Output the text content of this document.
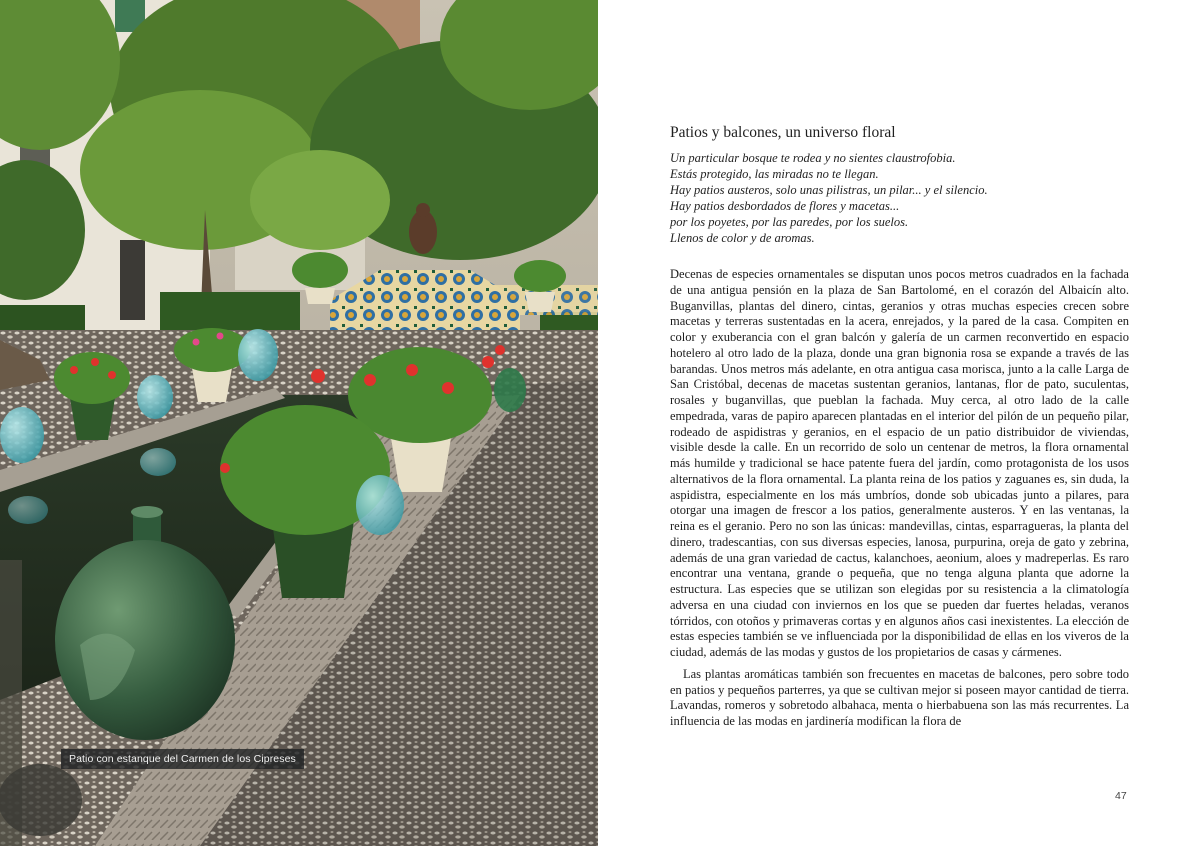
Patio con estanque del Carmen de los Cipreses
Patios y balcones, un universo floral
Un particular bosque te rodea y no sientes claustrofobia.
Estás protegido, las miradas no te llegan.
Hay patios austeros, solo unas pilistras, un pilar... y el silencio.
Hay patios desbordados de flores y macetas...
por los poyetes, por las paredes, por los suelos.
Llenos de color y de aromas.

Decenas de especies ornamentales se disputan unos pocos metros cuadrados en la fachada de una antigua pensión en la plaza de San Bartolomé, en el corazón del Albaicín alto. Buganvillas, plantas del dinero, cintas, geranios y otras muchas especies crecen sobre macetas y terreras sustentadas en la acera, enrejados, y la pared de la casa. Compiten en color y exuberancia con el gran balcón y galería de un carmen reconvertido en espacio hotelero al otro lado de la plaza, donde una gran bignonia rosa se expande a través de las barandas. Unos metros más adelante, en otra antigua casa morisca, junto a la calle Larga de San Cristóbal, decenas de macetas sustentan geranios, lantanas, flor de pato, suculentas, rosales y buganvillas, que pueblan la fachada. Muy cerca, al otro lado de la calle empedrada, varas de papiro aparecen plantadas en el interior del pilón de un pequeño pilar, rodeado de aspidistras y geranios, en el espacio de un patio distribuidor de viviendas, visible desde la calle. En un recorrido de solo un centenar de metros, la flora ornamental más humilde y tradicional se hace patente fuera del jardín, como protagonista de los usos alternativos de la flora ornamental. La planta reina de los patios y zaguanes es, sin duda, la aspidistra, especialmente en los más umbríos, donde sob ubicadas junto a pilares, para otorgar una imagen de frescor a los patios, generalmente austeros. Y en las ventanas, la reina es el geranio. Pero no son las únicas: mandevillas, cintas, esparragueras, la planta del dinero, tradescantias, con sus diversas especies, lanosa, purpurina, oreja de gato y zebrina, además de una gran variedad de cactus, kalanchoes, aeonium, aloes y madreperlas. Es raro encontrar una ventana, grande o pequeña, que no tenga alguna planta que adorne la estructura. Las especies que se utilizan son elegidas por su resistencia a la climatología adversa en una ciudad con inviernos en los que se pueden dar fuertes heladas, veranos tórridos, con otoños y primaveras cortas y en algunos años casi inexistentes. La elección de estas especies también se ve influenciada por la disponibilidad de ellas en los viveros de la ciudad, además de las modas y gustos de los propietarios de casas y cármenes.

Las plantas aromáticas también son frecuentes en macetas de balcones, pero sobre todo en patios y pequeños parterres, ya que se cultivan mejor si poseen mayor cantidad de tierra. Lavandas, romeros y sobretodo albahaca, menta o hierbabuena son las más recurrentes. La influencia de las modas en jardinería modifican la flora de

47
